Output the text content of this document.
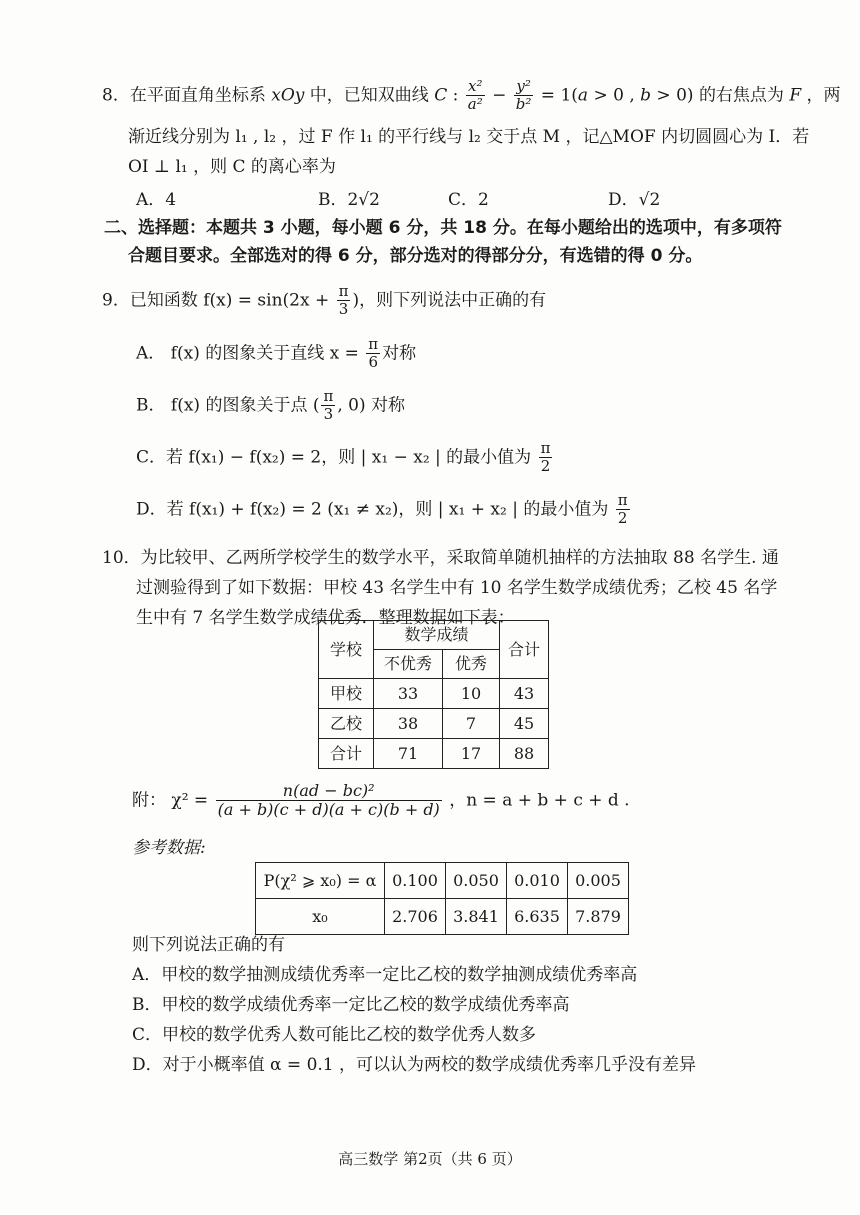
8．在平面直角坐标系 xOy 中，已知双曲线 C : $\frac{\text{x²}}{\text{a²}} - \frac{\text{y²}}{\text{b²}} = 1(a > 0$ , b > 0) 的右焦点为 F ，两
渐近线分别为 l₁ , l₂ ，过 F 作 l₁ 的平行线与 l₂ 交于点 M ，记△MOF 内切圆圆心为 I．若
OI ⊥ l₁ ，则 C 的离心率为
A．4	B．2√2	C．2	D．√2
二、选择题：本题共 3 小题，每小题 6 分，共 18 分。在每小题给出的选项中，有多项符
合题目要求。全部选对的得 6 分，部分选对的得部分分，有选错的得 0 分。
9．已知函数 $f(x) = \sin(2x + \frac{\pi}{3}$ )，则下列说法中正确的有
A． f(x) 的图象关于直线 $x = \frac{\pi}{6}$ 对称
B． f(x) 的图象关于点 ( $\frac{\pi}{3}$ , 0) 对称
C．若 f(x₁) − f(x₂) = 2，则 | x₁ − x₂ | 的最小值为 $\frac{\pi}{2}$
D．若 f(x₁) + f(x₂) = 2 (x₁ ≠ x₂)，则 | x₁ + x₂ | 的最小值为 $\frac{\pi}{2}$
10．为比较甲、乙两所学校学生的数学水平，采取简单随机抽样的方法抽取 88 名学生. 通
过测验得到了如下数据：甲校 43 名学生中有 10 名学生数学成绩优秀；乙校 45 名学
生中有 7 名学生数学成绩优秀．整理数据如下表：
学校	数学成绩		合计
	不优秀	优秀	
甲校	33	10	43
乙校	38	7	45
合计	71	17	88
附： $\chi^2 = \frac{\text{n(ad − bc)²}}{(a + b)(c + d)(a + c)(b + d)}$ ，n = a + b + c + d .
参考数据:
P(χ² ⩾ x₀) = α	0.100	0.050	0.010	0.005
x₀	2.706	3.841	6.635	7.879
则下列说法正确的有
A．甲校的数学抽测成绩优秀率一定比乙校的数学抽测成绩优秀率高
B．甲校的数学成绩优秀率一定比乙校的数学成绩优秀率高
C．甲校的数学优秀人数可能比乙校的数学优秀人数多
D．对于小概率值 α = 0.1 ，可以认为两校的数学成绩优秀率几乎没有差异
高三数学 第2页（共 6 页）
